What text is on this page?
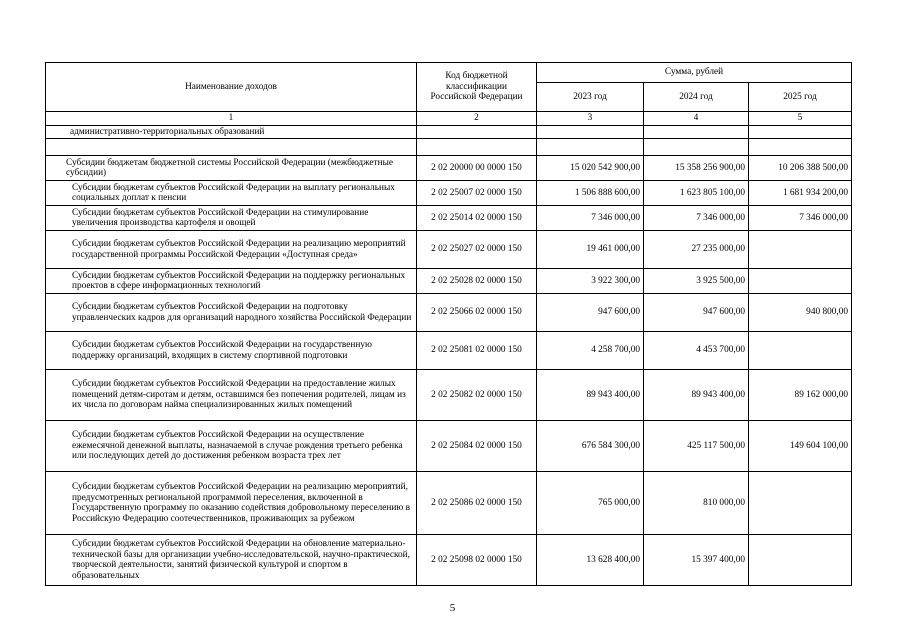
Наименование доходов	Код бюджетной классификации Российской Федерации	Сумма, рублей		
		2023 год	2024 год	2025 год
1	2	3	4	5
административно-территориальных образований				

Субсидии бюджетам бюджетной системы Российской Федерации (межбюджетные субсидии)	2 02 20000 00 0000 150	15 020 542 900,00	15 358 256 900,00	10 206 388 500,00
Субсидии бюджетам субъектов Российской Федерации на выплату региональных социальных доплат к пенсии	2 02 25007 02 0000 150	1 506 888 600,00	1 623 805 100,00	1 681 934 200,00
Субсидии бюджетам субъектов Российской Федерации на стимулирование увеличения производства картофеля и овощей	2 02 25014 02 0000 150	7 346 000,00	7 346 000,00	7 346 000,00
Субсидии бюджетам субъектов Российской Федерации на реализацию мероприятий государственной программы Российской Федерации «Доступная среда»	2 02 25027 02 0000 150	19 461 000,00	27 235 000,00	
Субсидии бюджетам субъектов Российской Федерации на поддержку региональных проектов в сфере информационных технологий	2 02 25028 02 0000 150	3 922 300,00	3 925 500,00	
Субсидии бюджетам субъектов Российской Федерации на подготовку управленческих кадров для организаций народного хозяйства Российской Федерации	2 02 25066 02 0000 150	947 600,00	947 600,00	940 800,00
Субсидии бюджетам субъектов Российской Федерации на государственную поддержку организаций, входящих в систему спортивной подготовки	2 02 25081 02 0000 150	4 258 700,00	4 453 700,00	
Субсидии бюджетам субъектов Российской Федерации на предоставление жилых помещений детям-сиротам и детям, оставшимся без попечения родителей, лицам из их числа по договорам найма специализированных жилых помещений	2 02 25082 02 0000 150	89 943 400,00	89 943 400,00	89 162 000,00
Субсидии бюджетам субъектов Российской Федерации на осуществление ежемесячной денежной выплаты, назначаемой в случае рождения третьего ребенка или последующих детей до достижения ребенком возраста трех лет	2 02 25084 02 0000 150	676 584 300,00	425 117 500,00	149 604 100,00
Субсидии бюджетам субъектов Российской Федерации на реализацию мероприятий, предусмотренных региональной программой переселения, включенной в Государственную программу по оказанию содействия добровольному переселению в Российскую Федерацию соотечественников, проживающих за рубежом	2 02 25086 02 0000 150	765 000,00	810 000,00	
Субсидии бюджетам субъектов Российской Федерации на обновление материально-технической базы для организации учебно-исследовательской, научно-практической, творческой деятельности, занятий физической культурой и спортом в образовательных	2 02 25098 02 0000 150	13 628 400,00	15 397 400,00	
5
